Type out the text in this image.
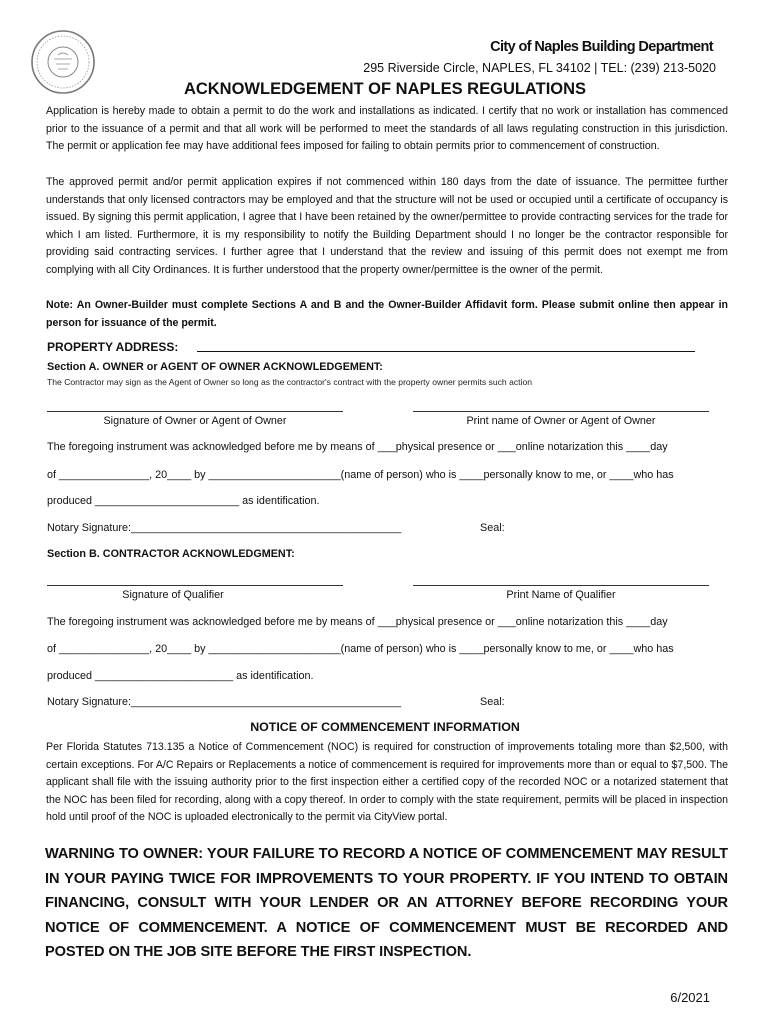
City of Naples Building Department
295 Riverside Circle, NAPLES, FL 34102 | TEL: (239) 213-5020
ACKNOWLEDGEMENT OF NAPLES REGULATIONS

Application is hereby made to obtain a permit to do the work and installations as indicated. I certify that no work or installation has commenced prior to the issuance of a permit and that all work will be performed to meet the standards of all laws regulating construction in this jurisdiction. The permit or application fee may have additional fees imposed for failing to obtain permits prior to commencement of construction.

The approved permit and/or permit application expires if not commenced within 180 days from the date of issuance. The permittee further understands that only licensed contractors may be employed and that the structure will not be used or occupied until a certificate of occupancy is issued. By signing this permit application, I agree that I have been retained by the owner/permittee to provide contracting services for the trade for which I am listed. Furthermore, it is my responsibility to notify the Building Department should I no longer be the contractor responsible for providing said contracting services. I further agree that I understand that the review and issuing of this permit does not exempt me from complying with all City Ordinances. It is further understood that the property owner/permittee is the owner of the permit.

Note: An Owner-Builder must complete Sections A and B and the Owner-Builder Affidavit form. Please submit online then appear in person for issuance of the permit.

PROPERTY ADDRESS:
Section A. OWNER or AGENT OF OWNER ACKNOWLEDGEMENT:
The Contractor may sign as the Agent of Owner so long as the contractor's contract with the property owner permits such action
Signature of Owner or Agent of Owner	Print name of Owner or Agent of Owner
The foregoing instrument was acknowledged before me by means of ___physical presence or ___online notarization this ____day
of _______________, 20____ by ______________________(name of person) who is ____personally know to me, or ____who has
produced ________________________ as identification.
Notary Signature:_____________________________________________	Seal:
Section B. CONTRACTOR ACKNOWLEDGMENT:
Signature of Qualifier	Print Name of Qualifier
The foregoing instrument was acknowledged before me by means of ___physical presence or ___online notarization this ____day
of _______________, 20____ by ______________________(name of person) who is ____personally know to me, or ____who has
produced _______________________ as identification.
Notary Signature:_____________________________________________	Seal:
NOTICE OF COMMENCEMENT INFORMATION

Per Florida Statutes 713.135 a Notice of Commencement (NOC) is required for construction of improvements totaling more than $2,500, with certain exceptions. For A/C Repairs or Replacements a notice of commencement is required for improvements more than or equal to $7,500. The applicant shall file with the issuing authority prior to the first inspection either a certified copy of the recorded NOC or a notarized statement that the NOC has been filed for recording, along with a copy thereof. In order to comply with the state requirement, permits will be placed in inspection hold until proof of the NOC is uploaded electronically to the permit via CityView portal.

WARNING TO OWNER: YOUR FAILURE TO RECORD A NOTICE OF COMMENCEMENT MAY RESULT IN YOUR PAYING TWICE FOR IMPROVEMENTS TO YOUR PROPERTY. IF YOU INTEND TO OBTAIN FINANCING, CONSULT WITH YOUR LENDER OR AN ATTORNEY BEFORE RECORDING YOUR NOTICE OF COMMENCEMENT. A NOTICE OF COMMENCEMENT MUST BE RECORDED AND POSTED ON THE JOB SITE BEFORE THE FIRST INSPECTION.

6/2021
